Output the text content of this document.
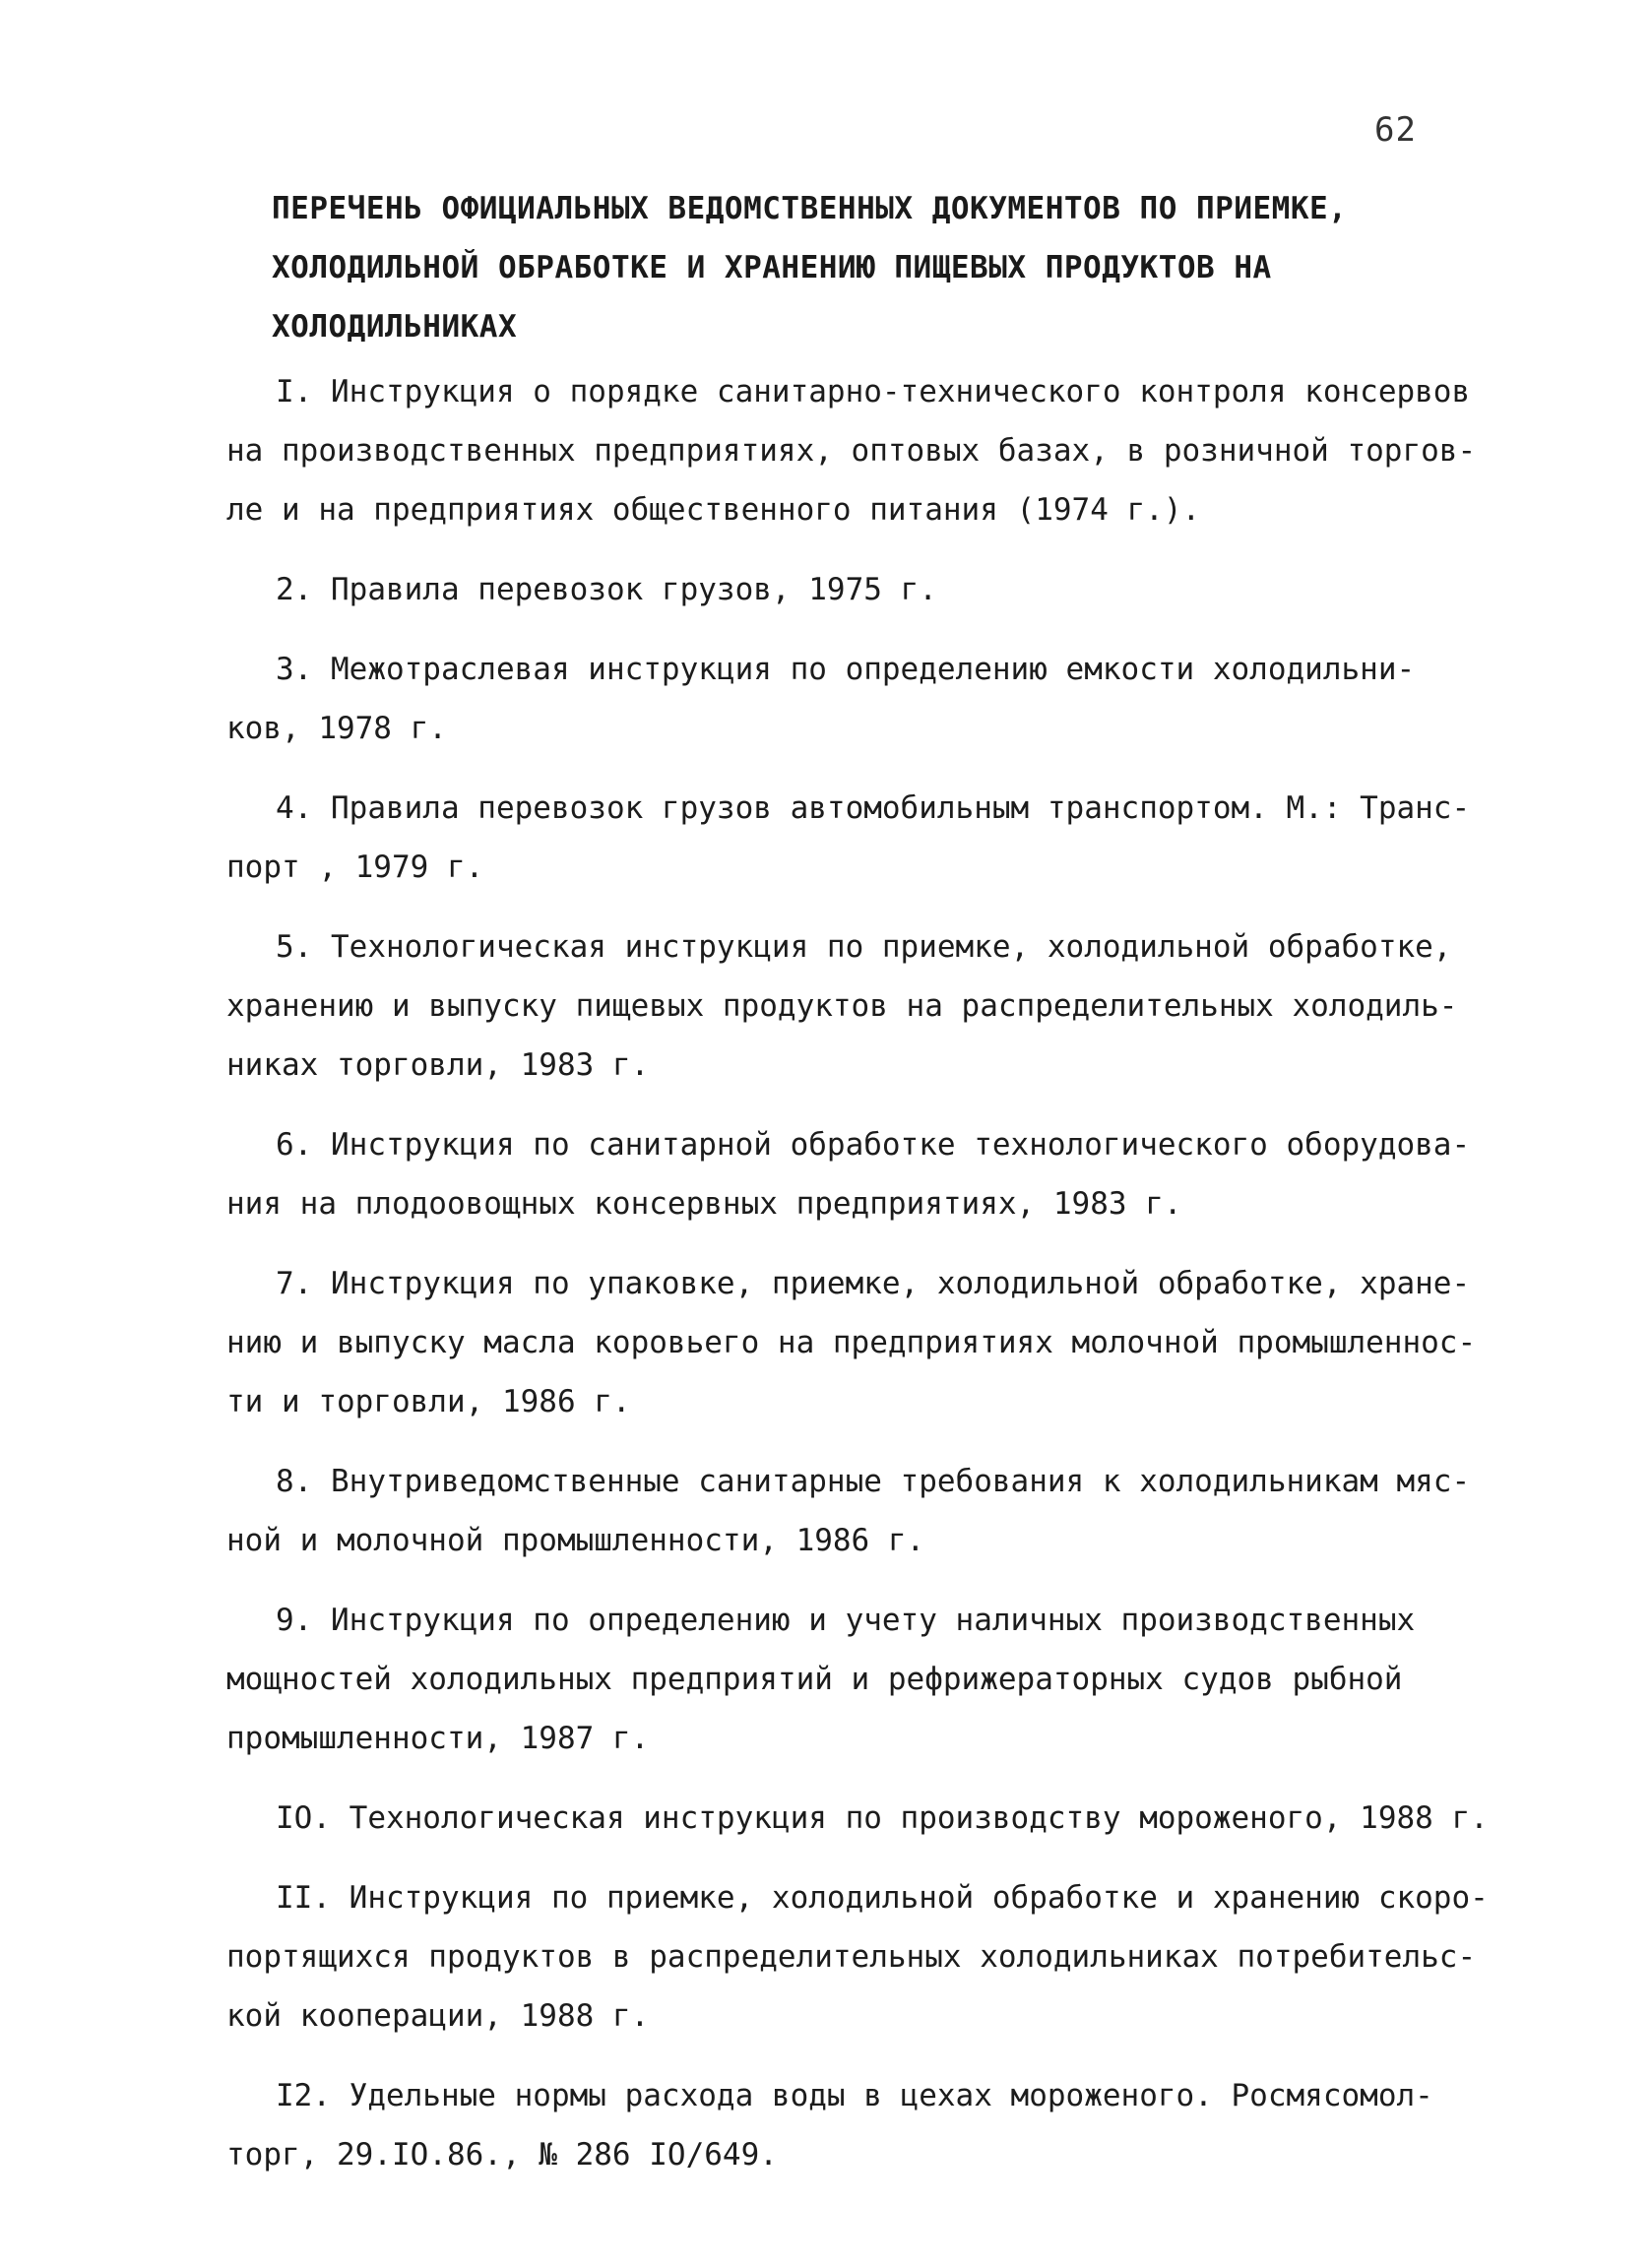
62
ПЕРЕЧЕНЬ ОФИЦИАЛЬНЫХ ВЕДОМСТВЕННЫХ ДОКУМЕНТОВ ПО ПРИЕМКЕ,
ХОЛОДИЛЬНОЙ ОБРАБОТКЕ И ХРАНЕНИЮ ПИЩЕВЫХ ПРОДУКТОВ НА
ХОЛОДИЛЬНИКАХ
I. Инструкция о порядке санитарно-технического контроля консервов
на производственных предприятиях, оптовых базах, в розничной торгов-
ле и на предприятиях общественного питания (1974 г.).
2. Правила перевозок грузов, 1975 г.
3. Межотраслевая инструкция по определению емкости холодильни-
ков, 1978 г.
4. Правила перевозок грузов автомобильным транспортом. М.: Транс-
порт , 1979 г.
5. Технологическая инструкция по приемке, холодильной обработке,
хранению и выпуску пищевых продуктов на распределительных холодиль-
никах торговли, 1983 г.
6. Инструкция по санитарной обработке технологического оборудова-
ния на плодоовощных консервных предприятиях, 1983 г.
7. Инструкция по упаковке, приемке, холодильной обработке, хране-
нию и выпуску масла коровьего на предприятиях молочной промышленнос-
ти и торговли, 1986 г.
8. Внутриведомственные санитарные требования к холодильникам мяс-
ной и молочной промышленности, 1986 г.
9. Инструкция по определению и учету наличных производственных
мощностей холодильных предприятий и рефрижераторных судов рыбной
промышленности, 1987 г.
IO. Технологическая инструкция по производству мороженого, 1988 г.
II. Инструкция по приемке, холодильной обработке и хранению скоро-
портящихся продуктов в распределительных холодильниках потребительс-
кой кооперации, 1988 г.
I2. Удельные нормы расхода воды в цехах мороженого. Росмясомол-
торг, 29.IO.86., № 286 IO/649.
